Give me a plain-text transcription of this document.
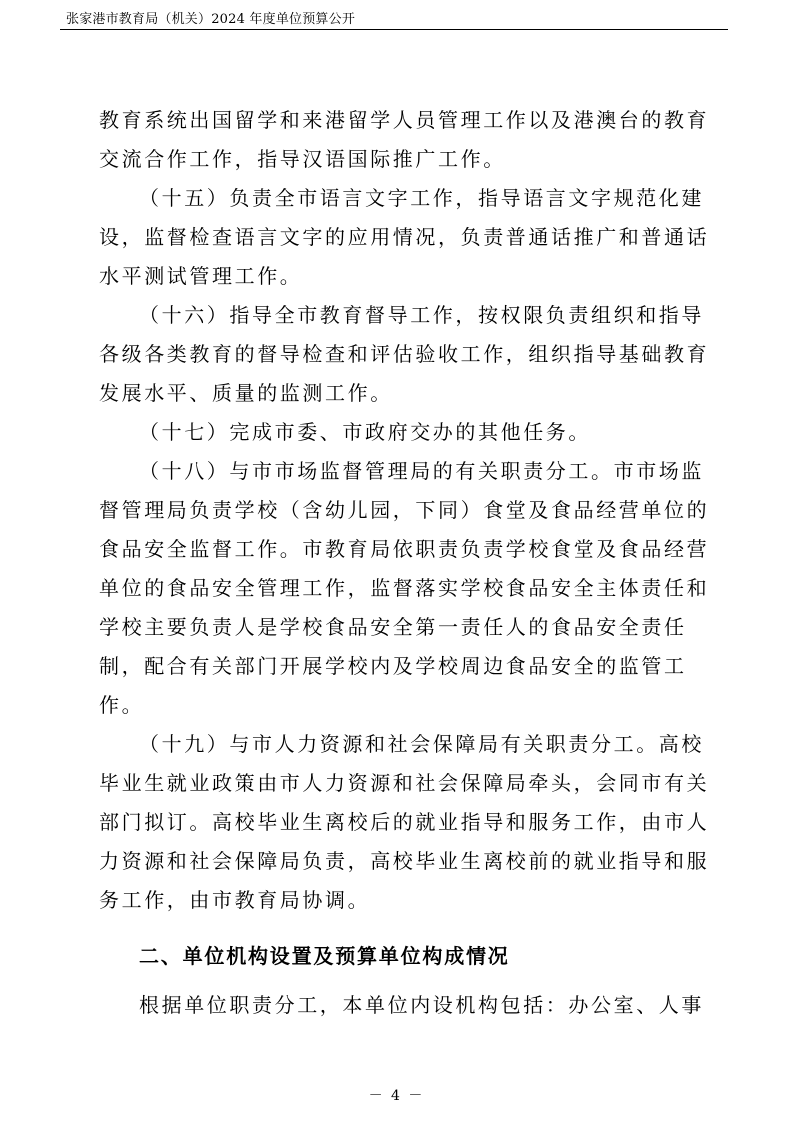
张家港市教育局（机关）2024 年度单位预算公开

教育系统出国留学和来港留学人员管理工作以及港澳台的教育

交流合作工作，指导汉语国际推广工作。

（十五）负责全市语言文字工作，指导语言文字规范化建

设，监督检查语言文字的应用情况，负责普通话推广和普通话

水平测试管理工作。

（十六）指导全市教育督导工作，按权限负责组织和指导

各级各类教育的督导检查和评估验收工作，组织指导基础教育

发展水平、质量的监测工作。

（十七）完成市委、市政府交办的其他任务。

（十八）与市市场监督管理局的有关职责分工。市市场监

督管理局负责学校（含幼儿园，下同）食堂及食品经营单位的

食品安全监督工作。市教育局依职责负责学校食堂及食品经营

单位的食品安全管理工作，监督落实学校食品安全主体责任和

学校主要负责人是学校食品安全第一责任人的食品安全责任

制，配合有关部门开展学校内及学校周边食品安全的监管工

作。

（十九）与市人力资源和社会保障局有关职责分工。高校

毕业生就业政策由市人力资源和社会保障局牵头，会同市有关

部门拟订。高校毕业生离校后的就业指导和服务工作，由市人

力资源和社会保障局负责，高校毕业生离校前的就业指导和服

务工作，由市教育局协调。

二、单位机构设置及预算单位构成情况

根据单位职责分工，本单位内设机构包括：办公室、人事

－ 4 －
